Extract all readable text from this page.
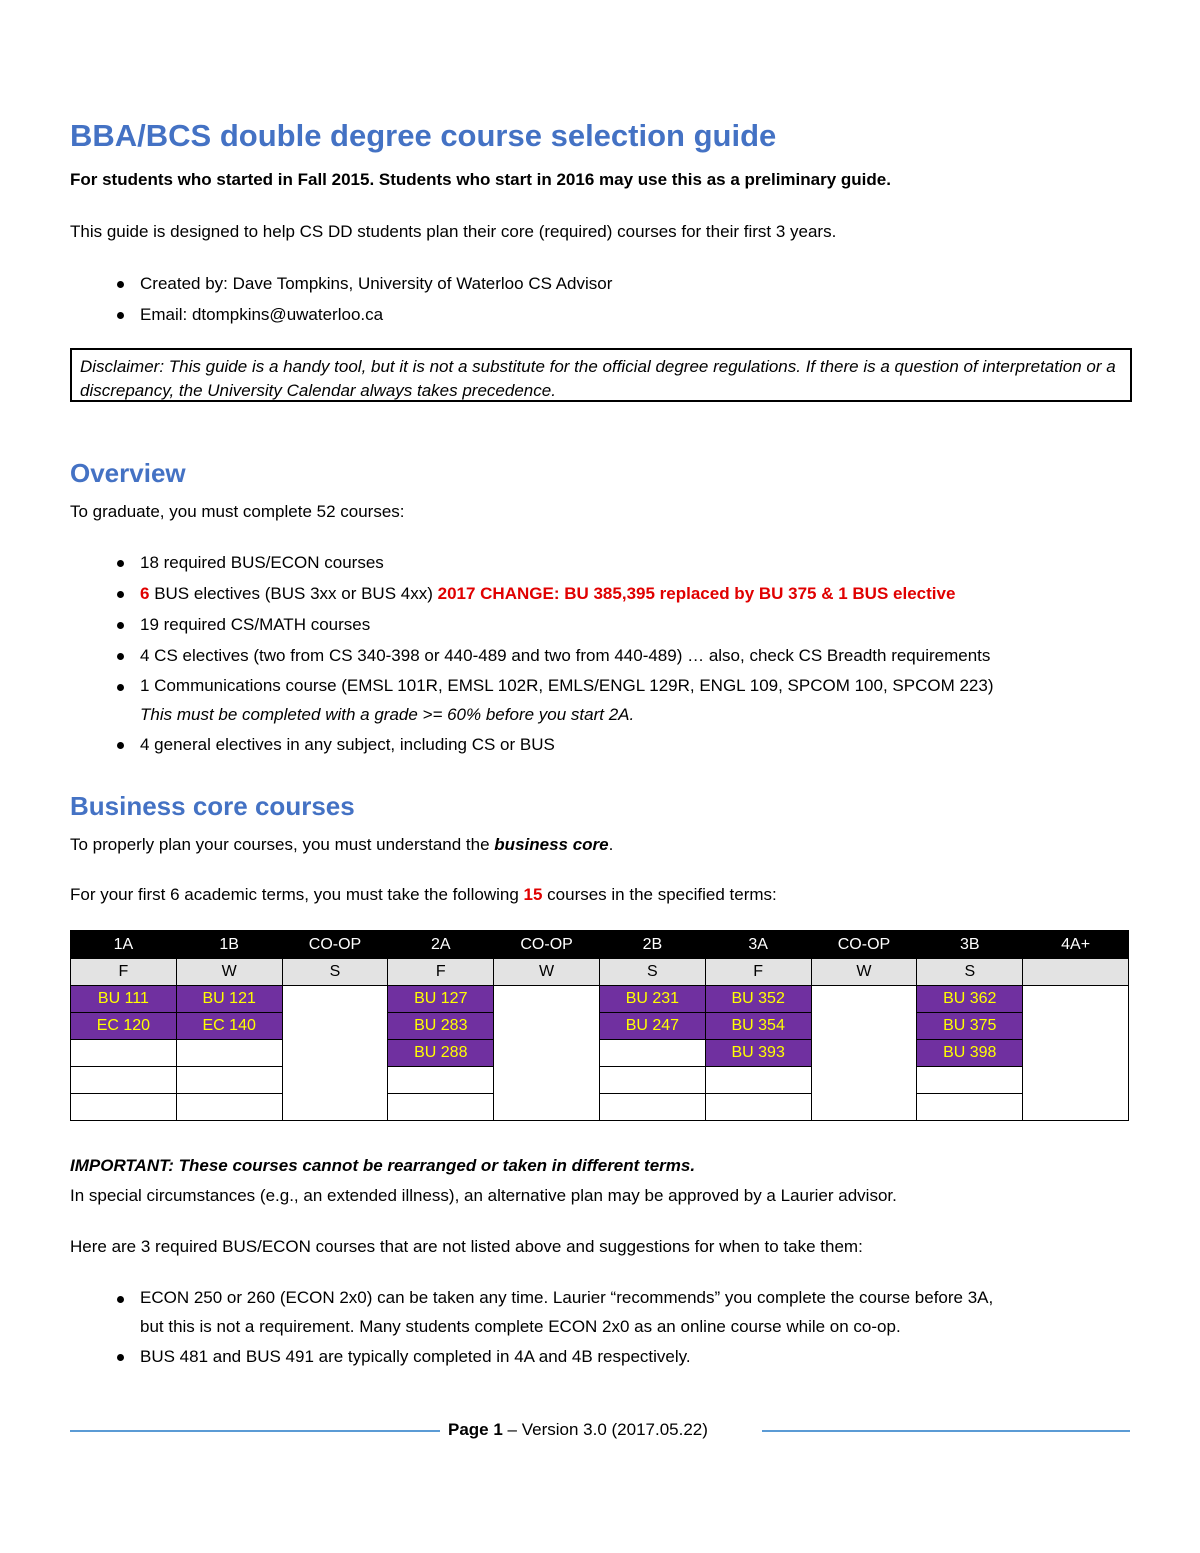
BBA/BCS double degree course selection guide
For students who started in Fall 2015. Students who start in 2016 may use this as a preliminary guide.
This guide is designed to help CS DD students plan their core (required) courses for their first 3 years.
Created by: Dave Tompkins, University of Waterloo CS Advisor
Email: dtompkins@uwaterloo.ca
Disclaimer: This guide is a handy tool, but it is not a substitute for the official degree regulations. If there is a question of interpretation or a discrepancy, the University Calendar always takes precedence.
Overview
To graduate, you must complete 52 courses:
18 required BUS/ECON courses
6 BUS electives (BUS 3xx or BUS 4xx) 2017 CHANGE: BU 385,395 replaced by BU 375 & 1 BUS elective
19 required CS/MATH courses
4 CS electives (two from CS 340-398 or 440-489 and two from 440-489) … also, check CS Breadth requirements
1 Communications course (EMSL 101R, EMSL 102R, EMLS/ENGL 129R, ENGL 109, SPCOM 100, SPCOM 223)
This must be completed with a grade >= 60% before you start 2A.
4 general electives in any subject, including CS or BUS
Business core courses
To properly plan your courses, you must understand the business core.
For your first 6 academic terms, you must take the following 15 courses in the specified terms:
1A	1B	CO-OP	2A	CO-OP	2B	3A	CO-OP	3B	4A+
F	W	S	F	W	S	F	W	S	
BU 111	BU 121		BU 127		BU 231	BU 352		BU 362	
EC 120	EC 140		BU 283		BU 247	BU 354		BU 375	
			BU 288			BU 393		BU 398	

IMPORTANT: These courses cannot be rearranged or taken in different terms.
In special circumstances (e.g., an extended illness), an alternative plan may be approved by a Laurier advisor.
Here are 3 required BUS/ECON courses that are not listed above and suggestions for when to take them:
ECON 250 or 260 (ECON 2x0) can be taken any time. Laurier “recommends” you complete the course before 3A,
but this is not a requirement. Many students complete ECON 2x0 as an online course while on co-op.
BUS 481 and BUS 491 are typically completed in 4A and 4B respectively.
Page 1 – Version 3.0 (2017.05.22)
